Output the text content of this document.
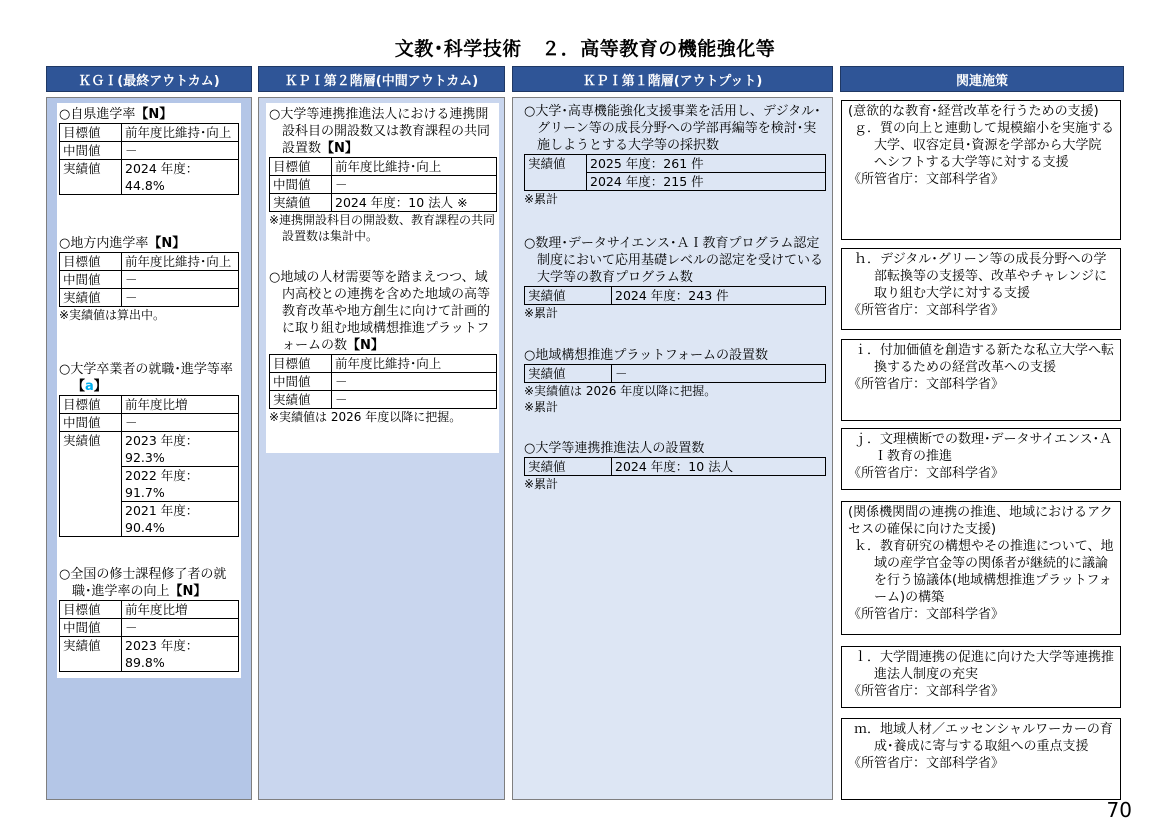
文教･科学技術　２．高等教育の機能強化等
ＫＧＩ(最終アウトカム)	ＫＰＩ第２階層(中間アウトカム)	ＫＰＩ第１階層(アウトプット)	関連施策
○自県進学率【N】
目標値	前年度比維持･向上
中間値	－
実績値	2024 年度：44.8%
○地方内進学率【N】
目標値	前年度比維持･向上
中間値	－
実績値	－
※実績値は算出中。
○大学卒業者の就職･進学等率【a】
目標値	前年度比増
中間値	－
実績値	2023 年度：92.3%
	2022 年度：91.7%
	2021 年度：90.4%
○全国の修士課程修了者の就職･進学率の向上【N】
目標値	前年度比増
中間値	－
実績値	2023 年度：89.8%
○大学等連携推進法人における連携開設科目の開設数又は教育課程の共同設置数【N】
目標値	前年度比維持･向上
中間値	－
実績値	2024 年度：10 法人 ※
※連携開設科目の開設数、教育課程の共同設置数は集計中。
○地域の人材需要等を踏まえつつ、域内高校との連携を含めた地域の高等教育改革や地方創生に向けて計画的に取り組む地域構想推進プラットフォームの数【N】
目標値	前年度比維持･向上
中間値	－
実績値	－
※実績値は 2026 年度以降に把握。
○大学･高専機能強化支援事業を活用し、デジタル･グリーン等の成長分野への学部再編等を検討･実施しようとする大学等の採択数
実績値	2025 年度：261 件
2024 年度：215 件
※累計
○数理･データサイエンス･ＡＩ教育プログラム認定制度において応用基礎レベルの認定を受けている大学等の教育プログラム数
実績値	2024 年度：243 件
※累計
○地域構想推進プラットフォームの設置数
実績値	－
※実績値は 2026 年度以降に把握。
※累計
○大学等連携推進法人の設置数
実績値	2024 年度：10 法人
※累計
(意欲的な教育･経営改革を行うための支援)
ｇ．質の向上と連動して規模縮小を実施する大学、収容定員･資源を学部から大学院へシフトする大学等に対する支援
《所管省庁：文部科学省》
ｈ．デジタル･グリーン等の成長分野への学部転換等の支援等、改革やチャレンジに取り組む大学に対する支援
《所管省庁：文部科学省》
ｉ．付加価値を創造する新たな私立大学へ転換するための経営改革への支援
《所管省庁：文部科学省》
ｊ．文理横断での数理･データサイエンス･ＡＩ教育の推進
《所管省庁：文部科学省》
(関係機関間の連携の推進、地域におけるアクセスの確保に向けた支援)
ｋ．教育研究の構想やその推進について、地域の産学官金等の関係者が継続的に議論を行う協議体(地域構想推進プラットフォーム)の構築
《所管省庁：文部科学省》
ｌ．大学間連携の促進に向けた大学等連携推進法人制度の充実
《所管省庁：文部科学省》
ｍ．地域人材／エッセンシャルワーカーの育成･養成に寄与する取組への重点支援
《所管省庁：文部科学省》
70
